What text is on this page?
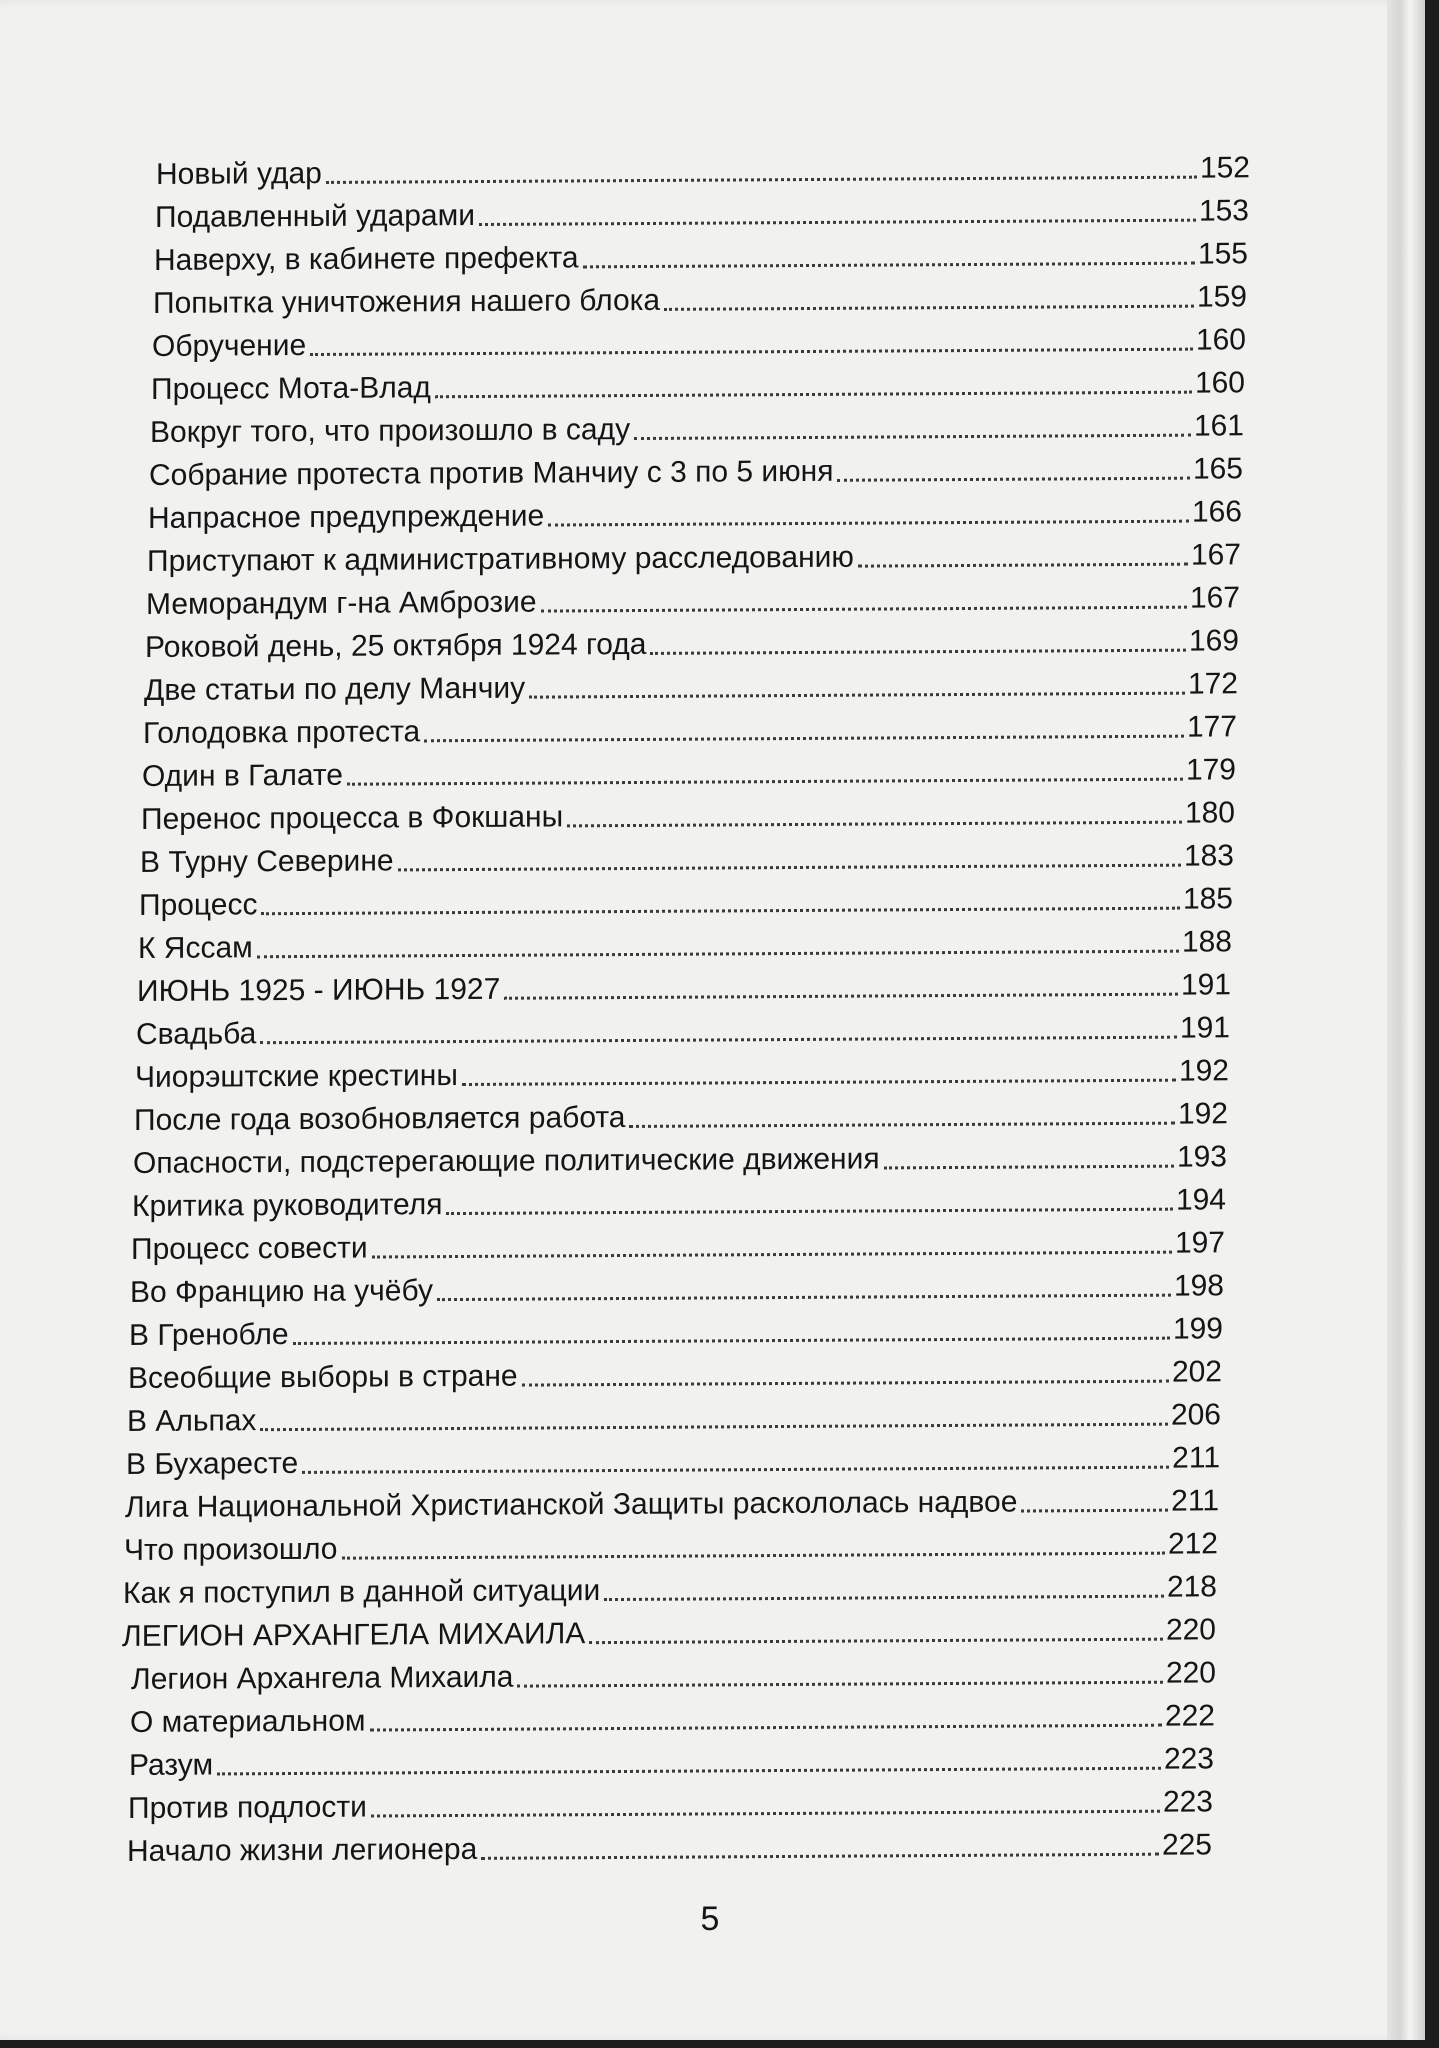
Новый удар	152
Подавленный ударами	153
Наверху, в кабинете префекта	155
Попытка уничтожения нашего блока	159
Обручение	160
Процесс Мота-Влад	160
Вокруг того, что произошло в саду	161
Собрание протеста против Манчиу с 3 по 5 июня	165
Напрасное предупреждение	166
Приступают к административному расследованию	167
Меморандум г-на Амброзие	167
Роковой день, 25 октября 1924 года	169
Две статьи по делу Манчиу	172
Голодовка протеста	177
Один в Галате	179
Перенос процесса в Фокшаны	180
В Турну Северине	183
Процесс	185
К Яссам	188
ИЮНЬ 1925 - ИЮНЬ 1927	191
Свадьба	191
Чиорэштские крестины	192
После года возобновляется работа	192
Опасности, подстерегающие политические движения	193
Критика руководителя	194
Процесс совести	197
Во Францию на учёбу	198
В Гренобле	199
Всеобщие выборы в стране	202
В Альпах	206
В Бухаресте	211
Лига Национальной Христианской Защиты раскололась надвое	211
Что произошло	212
Как я поступил в данной ситуации	218
ЛЕГИОН АРХАНГЕЛА МИХАИЛА	220
Легион Архангела Михаила	220
О материальном	222
Разум	223
Против подлости	223
Начало жизни легионера	225
5
